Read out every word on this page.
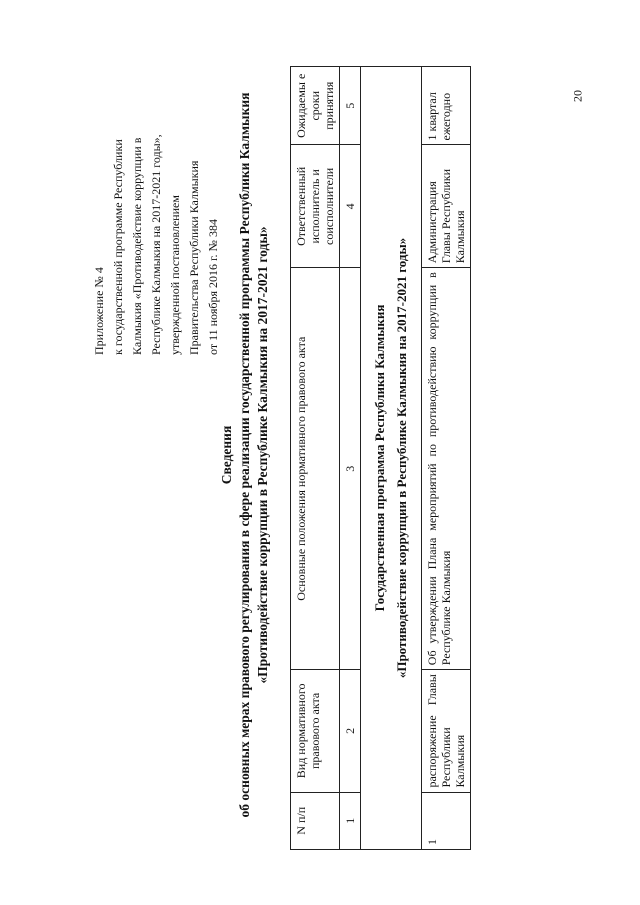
20
Приложение № 4 к государственной программе Республики Калмыкия «Противодействие коррупции в Республике Калмыкия на 2017-2021 годы», утвержденной постановлением Правительства Республики Калмыкия от 11 ноября 2016 г. № 384
Сведения об основных мерах правового регулирования в сфере реализации государственной программы Республики Калмыкия «Противодействие коррупции в Республике Калмыкия на 2017-2021 годы»
N п/п	Вид нормативного правового акта	Основные положения нормативного правового акта	Ответственный исполнитель и соисполнители	Ожидаемы е сроки принятия
1	2	3	4	5

Государственная программа Республики Калмыкия «Противодействие коррупции в Республике Калмыкия на 2017-2021 годы»				

1	распоряжение Главы Республики Калмыкия	Об утверждении Плана мероприятий по противодействию коррупции в Республике Калмыкия	Администрация Главы Республики Калмыкия	1 квартал ежегодно
